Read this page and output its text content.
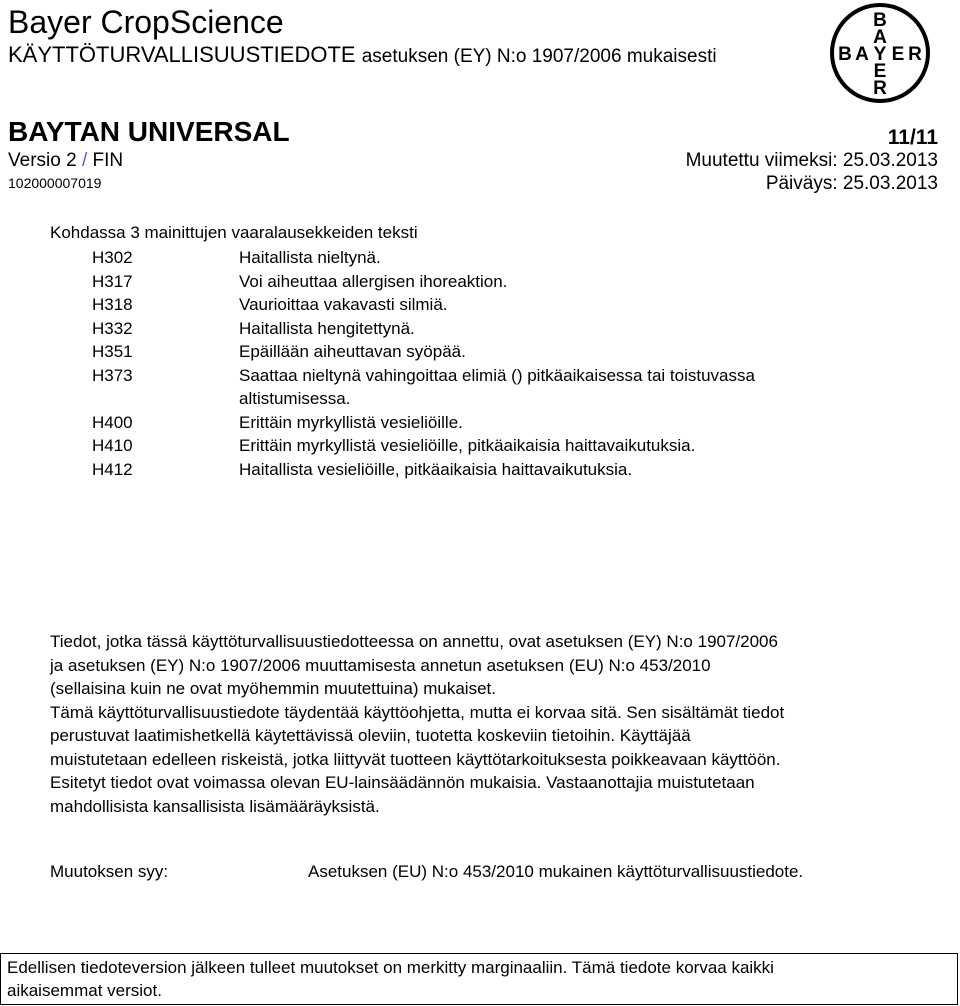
Bayer CropScience
KÄYTTÖTURVALLISUUSTIEDOTE asetuksen (EY) N:o 1907/2006 mukaisesti
BAYTAN UNIVERSAL	11/11
Versio 2 / FIN	Muutettu viimeksi: 25.03.2013
102000007019	Päiväys: 25.03.2013
B
A
B A Y E R
E
R
Kohdassa 3 mainittujen vaaralausekkeiden teksti
H302	Haitallista nieltynä.
H317	Voi aiheuttaa allergisen ihoreaktion.
H318	Vaurioittaa vakavasti silmiä.
H332	Haitallista hengitettynä.
H351	Epäillään aiheuttavan syöpää.
H373	Saattaa nieltynä vahingoittaa elimiä () pitkäaikaisessa tai toistuvassa
altistumisessa.
H400	Erittäin myrkyllistä vesieliöille.
H410	Erittäin myrkyllistä vesieliöille, pitkäaikaisia haittavaikutuksia.
H412	Haitallista vesieliöille, pitkäaikaisia haittavaikutuksia.

Tiedot, jotka tässä käyttöturvallisuustiedotteessa on annettu, ovat asetuksen (EY) N:o 1907/2006

ja asetuksen (EY) N:o 1907/2006 muuttamisesta annetun asetuksen (EU) N:o 453/2010

(sellaisina kuin ne ovat myöhemmin muutettuina) mukaiset.

Tämä käyttöturvallisuustiedote täydentää käyttöohjetta, mutta ei korvaa sitä. Sen sisältämät tiedot

perustuvat laatimishetkellä käytettävissä oleviin, tuotetta koskeviin tietoihin. Käyttäjää

muistutetaan edelleen riskeistä, jotka liittyvät tuotteen käyttötarkoituksesta poikkeavaan käyttöön.

Esitetyt tiedot ovat voimassa olevan EU-lainsäädännön mukaisia. Vastaanottajia muistutetaan

mahdollisista kansallisista lisämääräyksistä.

Muutoksen syy:	Asetuksen (EU) N:o 453/2010 mukainen käyttöturvallisuustiedote.
Edellisen tiedoteversion jälkeen tulleet muutokset on merkitty marginaaliin. Tämä tiedote korvaa kaikki
aikaisemmat versiot.
